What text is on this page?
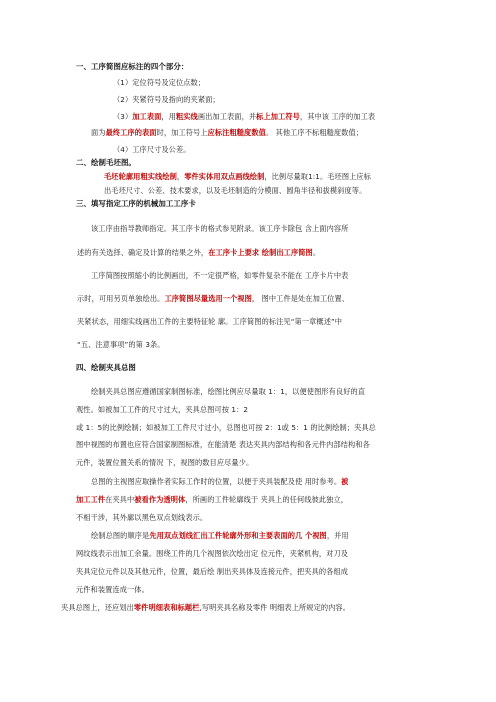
一、工序简图应标注的四个部分：
（1）定位符号及定位点数；
（2）夹紧符号及指向的夹紧面；
（3）加工表面，用粗实线画出加工表面，并标上加工符号，其中该 工序的加工表
面为最终工序的表面时，加工符号上应标注粗糙度数值。 其他工序不标粗糙度数值；
（4）工序尺寸及公差。
二、绘制毛坯图。
毛坯轮廓用粗实线绘制，零件实体用双点画线绘制，比例尽量取1:1。毛坯图上应标
出毛坯尺寸、公差、技术要求，以及毛坯制造的分模面、圆角半径和拔模斜度等。
三、填写指定工序的机械加工工序卡
该工序由指导教师指定。其工序卡的格式参见附录。该工序卡除包 含上面内容所
述的有关选择、确定及计算的结果之外，在工序卡上要求 绘制出工序简图。
工序简图按照缩小的比例画出，不一定很严格，如零件复杂不能在 工序卡片中表
示时，可用另页单独绘出。工序简图尽量选用一个视图， 图中工件是处在加工位置、
夹紧状态，用细实线画出工件的主要特征轮 廓。工序简图的标注见“第一章概述”中
“五、注意事项”的第 3条。
四、绘制夹具总图
绘制夹具总图应遵循国家制图标准，绘图比例应尽量取 1：1，以便使图形有良好的直
观性。如被加工工件的尺寸过大，夹具总图可按 1：2
或 1：5的比例绘制；如被加工工件尺寸过小，总图也可按 2：1或 5：1 的比例绘制；夹具总
图中视图的布置也应符合国家制图标准，在能清楚 表达夹具内部结构和各元件内部结构和各
元件，装置位置关系的情况 下，视图的数目应尽量少。
总图的主视图应取操作者实际工作时的位置，以便于夹具装配及使 用时参考。被
加工工件在夹具中被看作为透明体，所画的工件轮廓线于 夹具上的任何线彼此独立，
不相干涉，其外廓以黑色双点划线表示。
绘制总图的顺序是先用双点划线汇出工件轮廓外形和主要表面的几 个视图，并用
网纹线表示出加工余量。围绕工件的几个视图依次绘出定 位元件，夹紧机构，对刀及
夹具定位元件以及其他元件，位置，最后绘 制出夹具体及连接元件，把夹具的各组成
元件和装置连成一体。
夹具总图上，还应划出零件明细表和标题栏,写明夹具名称及零件 明细表上所规定的内容。
